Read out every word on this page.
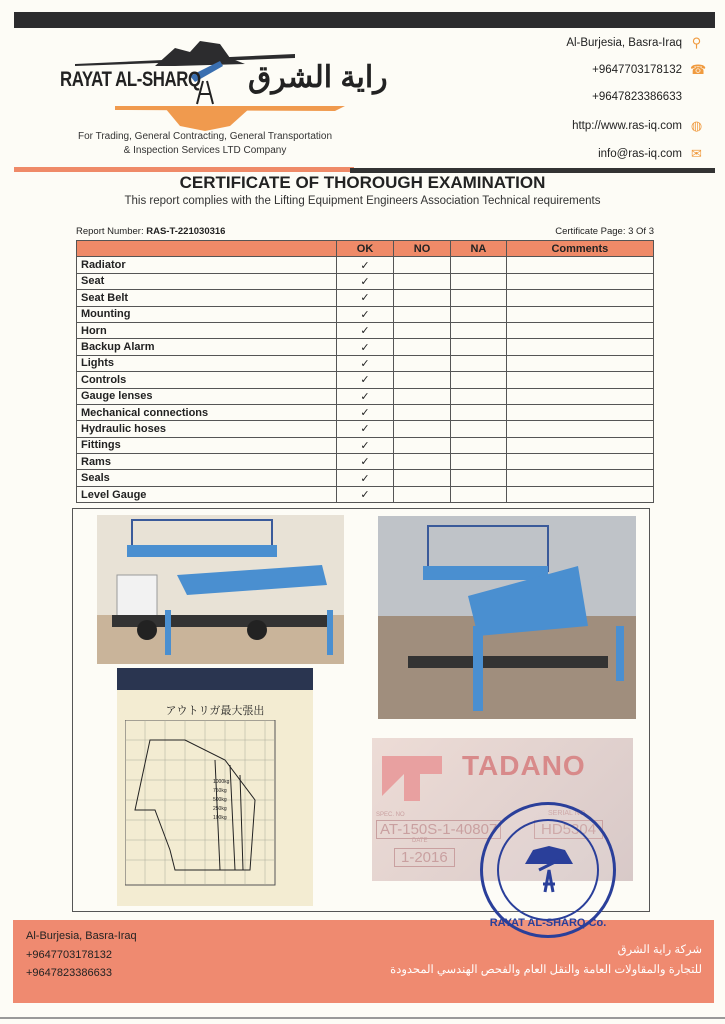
RAYAT AL-SHARQ راية الشرق
For Trading, General Contracting, General Transportation
& Inspection Services LTD Company
Al-Burjesia, Basra-Iraq ⚲
+9647703178132 ☎
+9647823386633
http://www.ras-iq.com ◍
info@ras-iq.com ✉
CERTIFICATE OF THOROUGH EXAMINATION
This report complies with the Lifting Equipment Engineers Association Technical requirements
Report Number: RAS-T-221030316	Certificate Page: 3 Of 3
	OK	NO	NA	Comments
Radiator	✓			
Seat	✓			
Seat Belt	✓			
Mounting	✓			
Horn	✓			
Backup Alarm	✓			
Lights	✓			
Controls	✓			
Gauge lenses	✓			
Mechanical connections	✓			
Hydraulic hoses	✓			
Fittings	✓			
Rams	✓			
Seals	✓			
Level Gauge	✓			
アウトリガ最大張出
1000kg
750kg
500kg
250kg
100kg
TADANO
SPEC. NO
AT-150S-1-40807
SERIAL NO
HD5304
DATE
1-2016
Al-Burjesia, Basra-Iraq
+9647703178132
+9647823386633
شركة راية الشرق
للتجارة والمقاولات العامة والنقل العام والفحص الهندسي المحدودة
RAYAT AL-SHARQ Co.
